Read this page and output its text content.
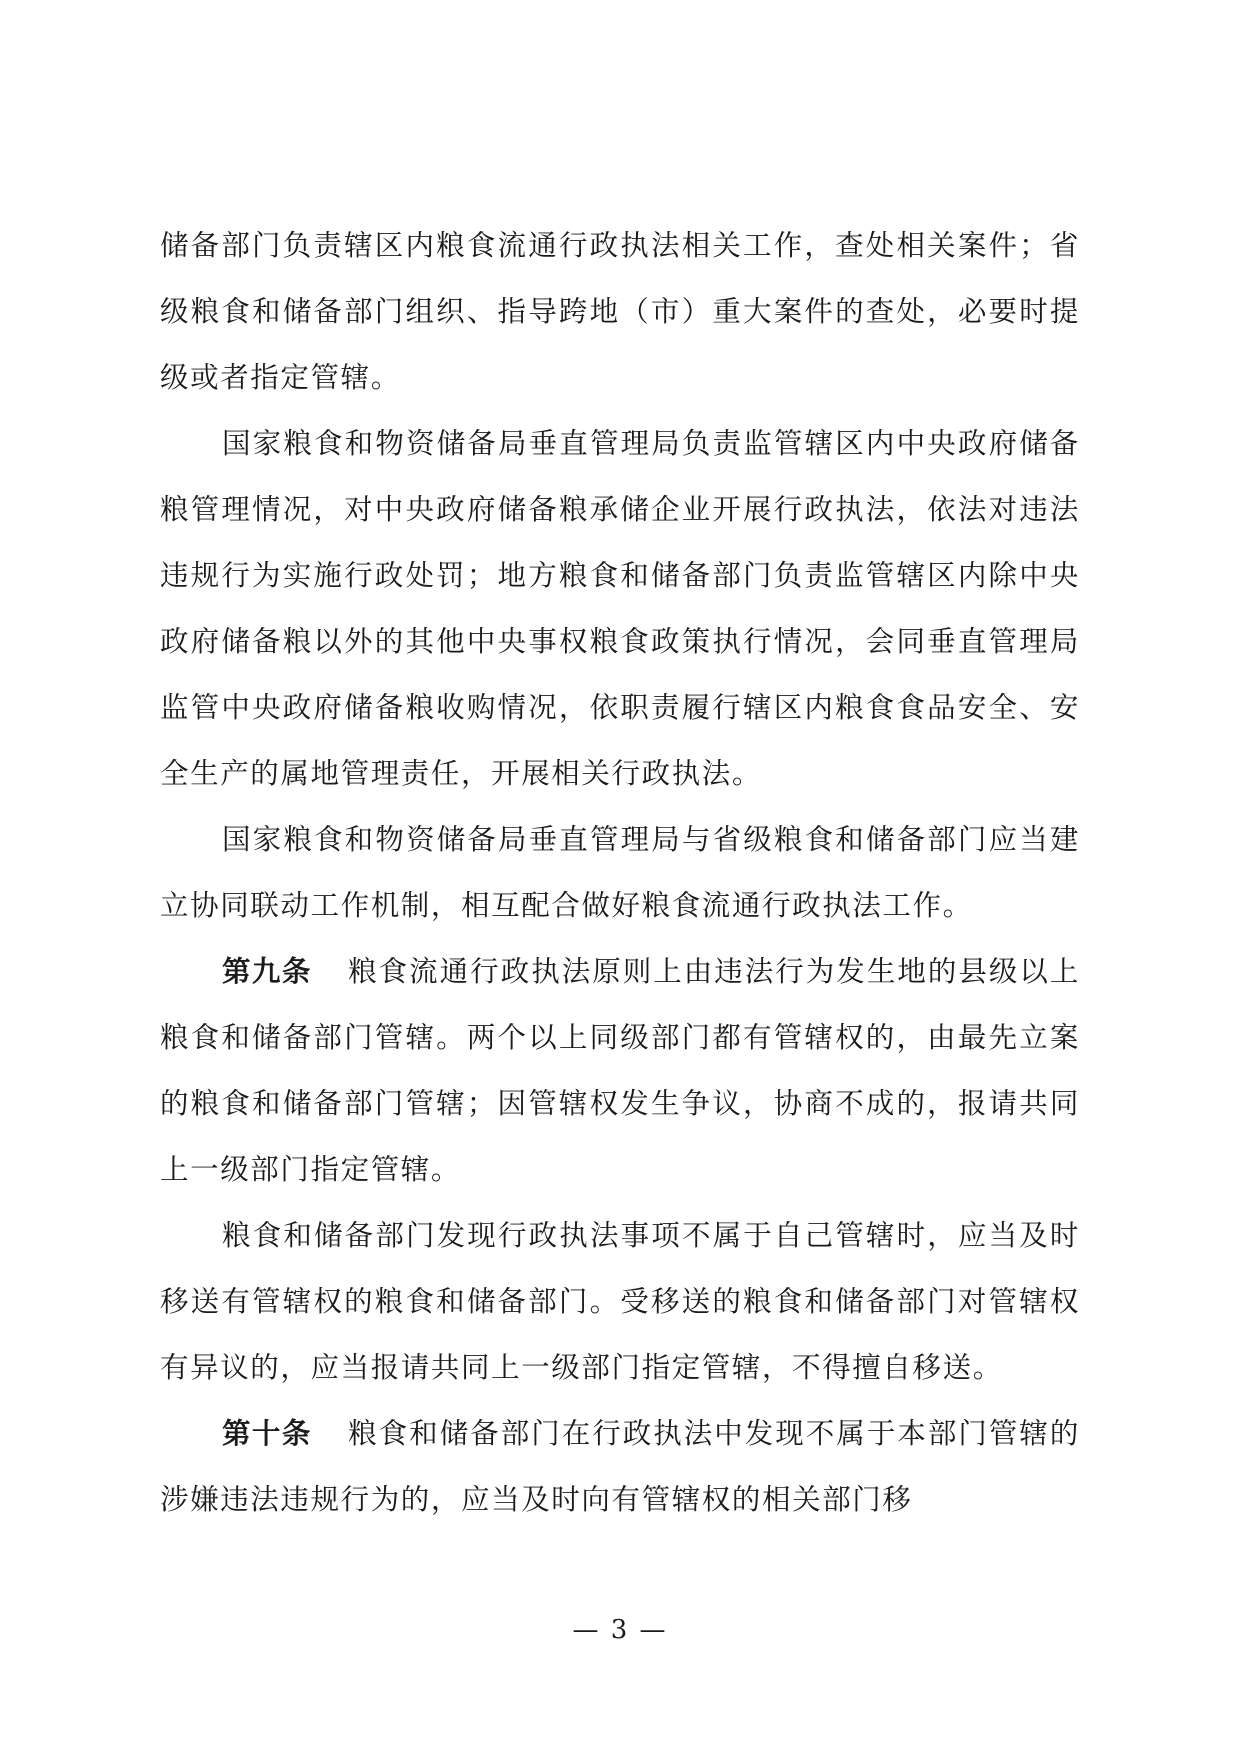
储备部门负责辖区内粮食流通行政执法相关工作，查处相关案件；省级粮食和储备部门组织、指导跨地（市）重大案件的查处，必要时提级或者指定管辖。

国家粮食和物资储备局垂直管理局负责监管辖区内中央政府储备粮管理情况，对中央政府储备粮承储企业开展行政执法，依法对违法违规行为实施行政处罚；地方粮食和储备部门负责监管辖区内除中央政府储备粮以外的其他中央事权粮食政策执行情况，会同垂直管理局监管中央政府储备粮收购情况，依职责履行辖区内粮食食品安全、安全生产的属地管理责任，开展相关行政执法。

国家粮食和物资储备局垂直管理局与省级粮食和储备部门应当建立协同联动工作机制，相互配合做好粮食流通行政执法工作。

第九条 粮食流通行政执法原则上由违法行为发生地的县级以上粮食和储备部门管辖。两个以上同级部门都有管辖权的，由最先立案的粮食和储备部门管辖；因管辖权发生争议，协商不成的，报请共同上一级部门指定管辖。

粮食和储备部门发现行政执法事项不属于自己管辖时，应当及时移送有管辖权的粮食和储备部门。受移送的粮食和储备部门对管辖权有异议的，应当报请共同上一级部门指定管辖，不得擅自移送。

第十条 粮食和储备部门在行政执法中发现不属于本部门管辖的涉嫌违法违规行为的，应当及时向有管辖权的相关部门移

— 3 —
